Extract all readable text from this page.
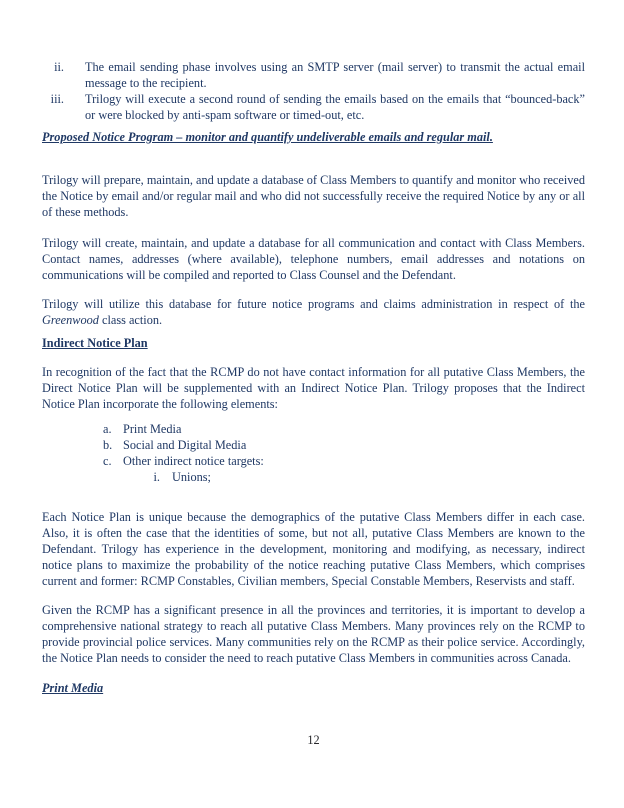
ii. The email sending phase involves using an SMTP server (mail server) to transmit the actual email message to the recipient.
iii. Trilogy will execute a second round of sending the emails based on the emails that “bounced-back” or were blocked by anti-spam software or timed-out, etc.
Proposed Notice Program – monitor and quantify undeliverable emails and regular mail.

Trilogy will prepare, maintain, and update a database of Class Members to quantify and monitor who received the Notice by email and/or regular mail and who did not successfully receive the required Notice by any or all of these methods.

Trilogy will create, maintain, and update a database for all communication and contact with Class Members. Contact names, addresses (where available), telephone numbers, email addresses and notations on communications will be compiled and reported to Class Counsel and the Defendant.

Trilogy will utilize this database for future notice programs and claims administration in respect of the Greenwood class action.

Indirect Notice Plan

In recognition of the fact that the RCMP do not have contact information for all putative Class Members, the Direct Notice Plan will be supplemented with an Indirect Notice Plan. Trilogy proposes that the Indirect Notice Plan incorporate the following elements:

a. Print Media
b. Social and Digital Media
c. Other indirect notice targets:
i. Unions;

Each Notice Plan is unique because the demographics of the putative Class Members differ in each case. Also, it is often the case that the identities of some, but not all, putative Class Members are known to the Defendant. Trilogy has experience in the development, monitoring and modifying, as necessary, indirect notice plans to maximize the probability of the notice reaching putative Class Members, which comprises current and former: RCMP Constables, Civilian members, Special Constable Members, Reservists and staff.

Given the RCMP has a significant presence in all the provinces and territories, it is important to develop a comprehensive national strategy to reach all putative Class Members. Many provinces rely on the RCMP to provide provincial police services. Many communities rely on the RCMP as their police service. Accordingly, the Notice Plan needs to consider the need to reach putative Class Members in communities across Canada.

Print Media
12
